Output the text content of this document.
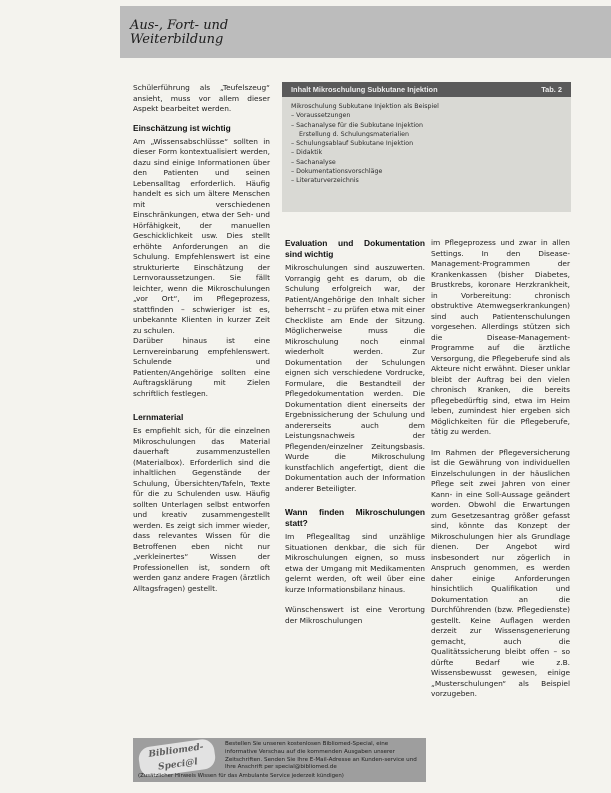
Aus-, Fort- und
Weiterbildung

Schülerführung als „Teufelszeug“ ansieht, muss vor allem dieser Aspekt bearbeitet werden.

Einschätzung ist wichtig

Am „Wissensabschlüsse“ sollten in dieser Form kontextualisiert werden, dazu sind einige Informationen über den Patienten und seinen Lebensalltag erforderlich. Häufig handelt es sich um ältere Menschen mit verschiedenen Einschränkungen, etwa der Seh- und Hörfähigkeit, der manuellen Geschicklichkeit usw. Dies stellt erhöhte Anforderungen an die Schulung. Empfehlenswert ist eine strukturierte Einschätzung der Lernvoraussetzungen. Sie fällt leichter, wenn die Mikroschulungen „vor Ort“, im Pflegeprozess, stattfinden – schwieriger ist es, unbekannte Klienten in kurzer Zeit zu schulen.

Darüber hinaus ist eine Lernvereinbarung empfehlenswert. Schulende und Patienten/Angehörige sollten eine Auftragsklärung mit Zielen schriftlich festlegen.

Lernmaterial

Es empfiehlt sich, für die einzelnen Mikroschulungen das Material dauerhaft zusammenzustellen (Materialbox). Erforderlich sind die inhaltlichen Gegenstände der Schulung, Übersichten/Tafeln, Texte für die zu Schulenden usw. Häufig sollten Unterlagen selbst entworfen und kreativ zusammengestellt werden. Es zeigt sich immer wieder, dass relevantes Wissen für die Betroffenen eben nicht nur „verkleinertes“ Wissen der Professionellen ist, sondern oft werden ganz andere Fragen (ärztlich Alltagsfragen) gestellt.

Inhalt Mikroschulung Subkutane Injektion	Tab. 2
Mikroschulung Subkutane Injektion als Beispiel
– Voraussetzungen
– Sachanalyse für die Subkutane Injektion
Erstellung d. Schulungsmaterialien
– Schulungsablauf Subkutane Injektion
– Didaktik
– Sachanalyse
– Dokumentationsvorschläge
– Literaturverzeichnis
Evaluation und Dokumentation sind wichtig

Mikroschulungen sind auszuwerten. Vorrangig geht es darum, ob die Schulung erfolgreich war, der Patient/Angehörige den Inhalt sicher beherrscht – zu prüfen etwa mit einer Checkliste am Ende der Sitzung. Möglicherweise muss die Mikroschulung noch einmal wiederholt werden. Zur Dokumentation der Schulungen eignen sich verschiedene Vordrucke, Formulare, die Bestandteil der Pflegedokumentation werden. Die Dokumentation dient einerseits der Ergebnissicherung der Schulung und andererseits auch dem Leistungsnachweis der Pflegenden/einzelner Zeitungsbasis. Wurde die Mikroschulung kunstfachlich angefertigt, dient die Dokumentation auch der Information anderer Beteiligter.

Wann finden Mikroschulungen statt?

Im Pflegealltag sind unzählige Situationen denkbar, die sich für Mikroschulungen eignen, so muss etwa der Umgang mit Medikamenten gelernt werden, oft weil über eine kurze Informationsbilanz hinaus.

Wünschenswert ist eine Verortung der Mikroschulungen

im Pflegeprozess und zwar in allen Settings. In den Disease-Management-Programmen der Krankenkassen (bisher Diabetes, Brustkrebs, koronare Herzkrankheit, in Vorbereitung: chronisch obstruktive Atemwegserkrankungen) sind auch Patientenschulungen vorgesehen. Allerdings stützen sich die Disease-Management-Programme auf die ärztliche Versorgung, die Pflegeberufe sind als Akteure nicht erwähnt. Dieser unklar bleibt der Auftrag bei den vielen chronisch Kranken, die bereits pflegebedürftig sind, etwa im Heim leben, zumindest hier ergeben sich Möglichkeiten für die Pflegeberufe, tätig zu werden.

Im Rahmen der Pflegeversicherung ist die Gewährung von individuellen Einzelschulungen in der häuslichen Pflege seit zwei Jahren von einer Kann- in eine Soll-Aussage geändert worden. Obwohl die Erwartungen zum Gesetzesantrag größer gefasst sind, könnte das Konzept der Mikroschulungen hier als Grundlage dienen. Der Angebot wird insbesondert nur zögerlich in Anspruch genommen, es werden daher einige Anforderungen hinsichtlich Qualifikation und Dokumentation an die Durchführenden (bzw. Pflegedienste) gestellt. Keine Auflagen werden derzeit zur Wissensgenerierung gemacht, auch die Qualitätssicherung bleibt offen – so dürfte Bedarf wie z.B. Wissensbewusst gewesen, einige „Musterschulungen“ als Beispiel vorzugeben.

Bibliomed-
Speci@l
Bestellen Sie unseren kostenlosen Bibliomed-Special, eine informative Verschau auf die kommenden Ausgaben unserer Zeitschriften. Senden Sie Ihre E-Mail-Adresse an Kunden-service und Ihre Anschrift per special@bibliomed.de
(Zusätzlicher Hinweis Wissen für das Ambulante Service jederzeit kündigen)
